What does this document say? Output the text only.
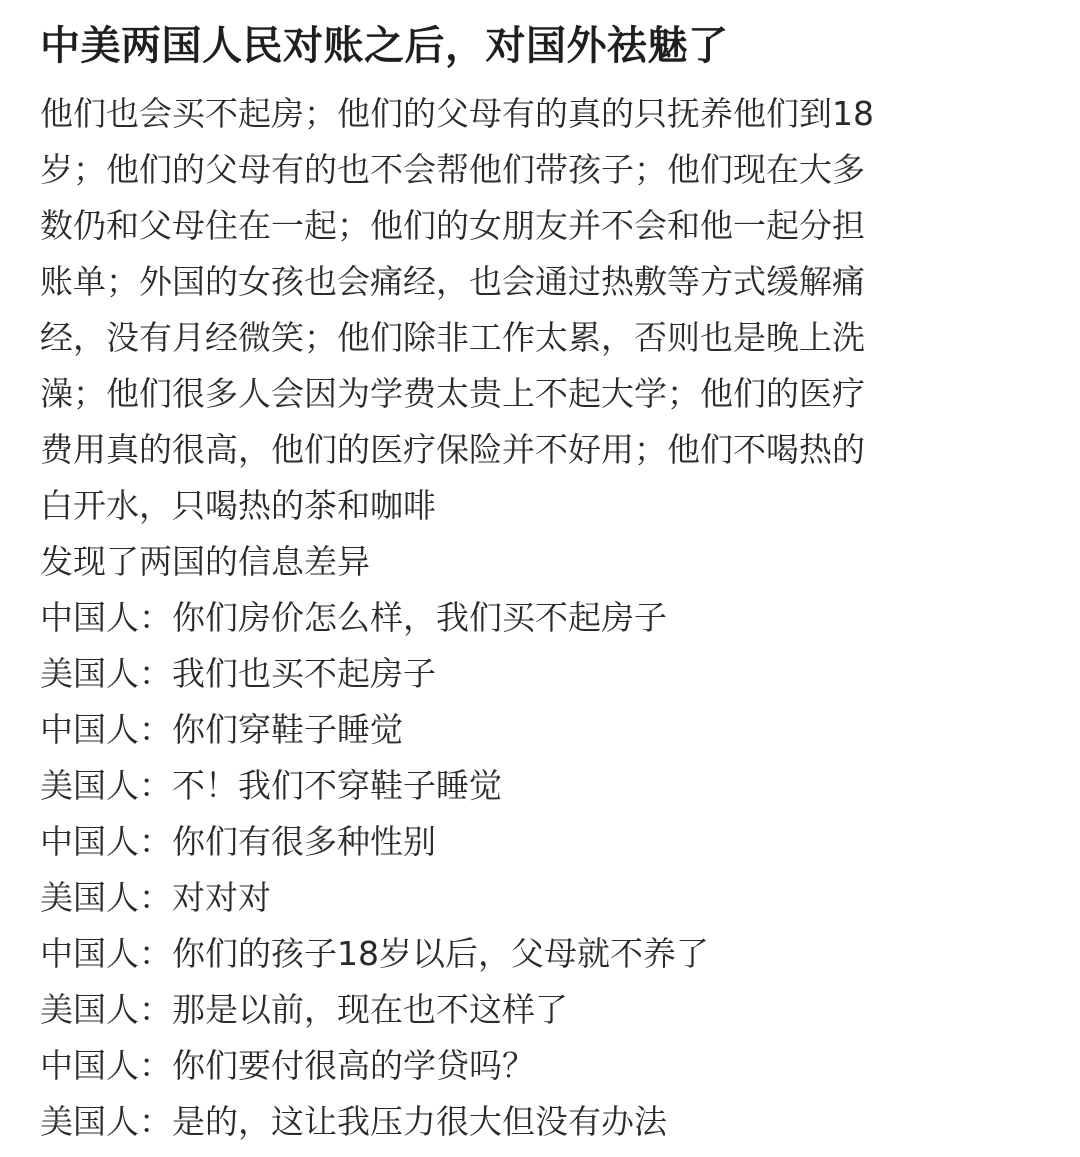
中美两国人民对账之后，对国外祛魅了
他们也会买不起房；他们的父母有的真的只抚养他们到18
岁；他们的父母有的也不会帮他们带孩子；他们现在大多
数仍和父母住在一起；他们的女朋友并不会和他一起分担
账单；外国的女孩也会痛经，也会通过热敷等方式缓解痛
经，没有月经微笑；他们除非工作太累，否则也是晚上洗
澡；他们很多人会因为学费太贵上不起大学；他们的医疗
费用真的很高，他们的医疗保险并不好用；他们不喝热的
白开水，只喝热的茶和咖啡
发现了两国的信息差异
中国人：你们房价怎么样，我们买不起房子
美国人：我们也买不起房子
中国人：你们穿鞋子睡觉
美国人：不！我们不穿鞋子睡觉
中国人：你们有很多种性别
美国人：对对对
中国人：你们的孩子18岁以后，父母就不养了
美国人：那是以前，现在也不这样了
中国人：你们要付很高的学贷吗？
美国人：是的，这让我压力很大但没有办法
